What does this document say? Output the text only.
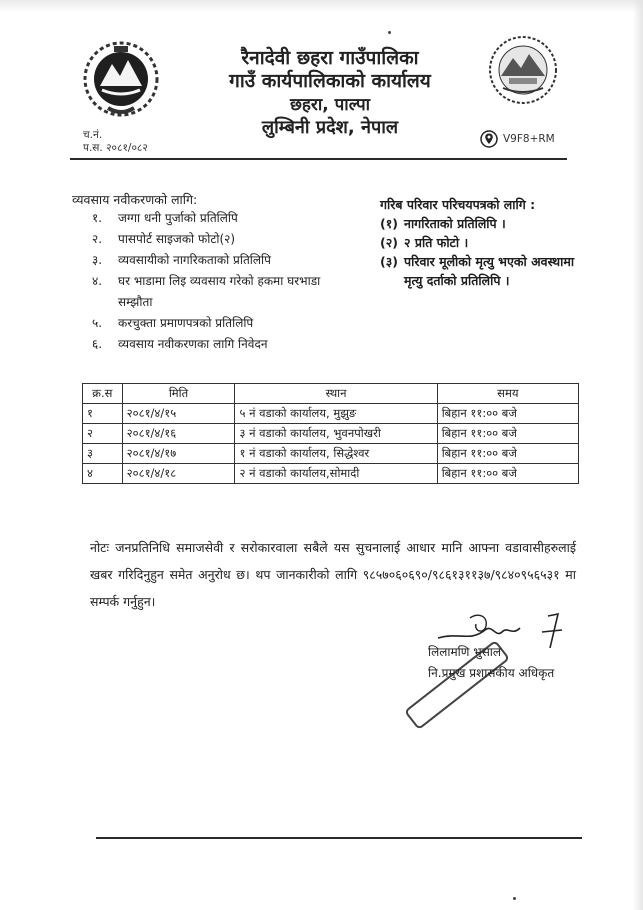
रैनादेवी छहरा गाउँपालिका
गाउँ कार्यपालिकाको कार्यालय
छहरा, पाल्पा
लुम्बिनी प्रदेश, नेपाल
च.नं.
प.स. २०८१/०८२
V9F8+RM
व्यवसाय नवीकरणको लागि:
१.	जग्गा धनी पुर्जाको प्रतिलिपि
२.	पासपोर्ट साइजको फोटो(२)
३.	व्यवसायीको नागरिकताको प्रतिलिपि
४.	घर भाडामा लिइ व्यवसाय गरेको हकमा घरभाडा सम्झौता
५.	करचुक्ता प्रमाणपत्रको प्रतिलिपि
६.	व्यवसाय नवीकरणका लागि निवेदन
गरिब परिवार परिचयपत्रको लागि :
(१) नागरिताको प्रतिलिपि ।
(२) २ प्रति फोटो ।
(३) परिवार मूलीको मृत्यु भएको अवस्थामा मृत्यु दर्ताको प्रतिलिपि ।
क्र.स	मिति	स्थान	समय
१	२०८१/४/१५	५ नं वडाको कार्यालय, मुझुङ	बिहान ११:०० बजे
२	२०८१/४/१६	३ नं वडाको कार्यालय, भुवनपोखरी	बिहान ११:०० बजे
३	२०८१/४/१७	१ नं वडाको कार्यालय, सिद्धेश्वर	बिहान ११:०० बजे
४	२०८१/४/१८	२ नं वडाको कार्यालय,सोमादी	बिहान ११:०० बजे
नोटः जनप्रतिनिधि समाजसेवी र सरोकारवाला सबैले यस सुचनालाई आधार मानि आफ्ना वडावासीहरुलाई खबर गरिदिनुहुन समेत अनुरोध छ। थप जानकारीको लागि ९८५७०६०६९०/९८६१३११३७/९८४०९५६५३१ मा सम्पर्क गर्नुहुन।
लिलामणि भुसाल
नि.प्रमुख प्रशासकीय अधिकृत
